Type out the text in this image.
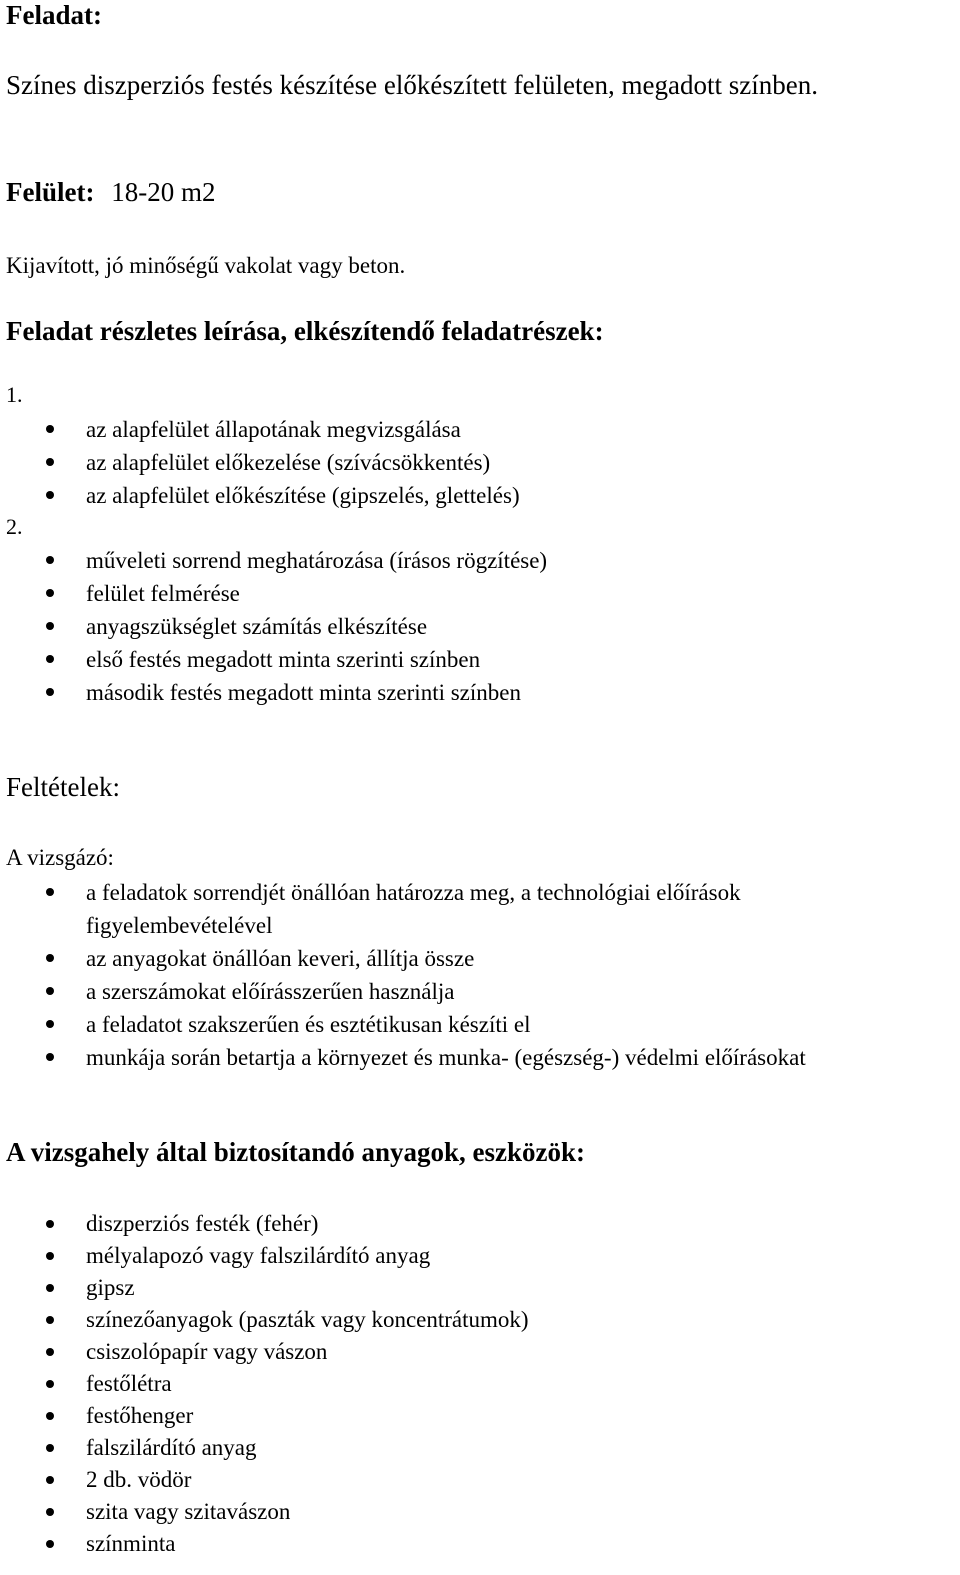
Feladat:
Színes diszperziós festés készítése előkészített felületen, megadott színben.
Felület: 18-20 m2
Kijavított, jó minőségű vakolat vagy beton.
Feladat részletes leírása, elkészítendő feladatrészek:
1.
az alapfelület állapotának megvizsgálása
az alapfelület előkezelése (szívácsökkentés)
az alapfelület előkészítése (gipszelés, glettelés)
2.
műveleti sorrend meghatározása (írásos rögzítése)
felület felmérése
anyagszükséglet számítás elkészítése
első festés megadott minta szerinti színben
második festés megadott minta szerinti színben
Feltételek:
A vizsgázó:
a feladatok sorrendjét önállóan határozza meg, a technológiai előírások
figyelembevételével
az anyagokat önállóan keveri, állítja össze
a szerszámokat előírásszerűen használja
a feladatot szakszerűen és esztétikusan készíti el
munkája során betartja a környezet és munka- (egészség-) védelmi előírásokat
A vizsgahely által biztosítandó anyagok, eszközök:
diszperziós festék (fehér)
mélyalapozó vagy falszilárdító anyag
gipsz
színezőanyagok (paszták vagy koncentrátumok)
csiszolópapír vagy vászon
festőlétra
festőhenger
falszilárdító anyag
2 db. vödör
szita vagy szitavászon
színminta
